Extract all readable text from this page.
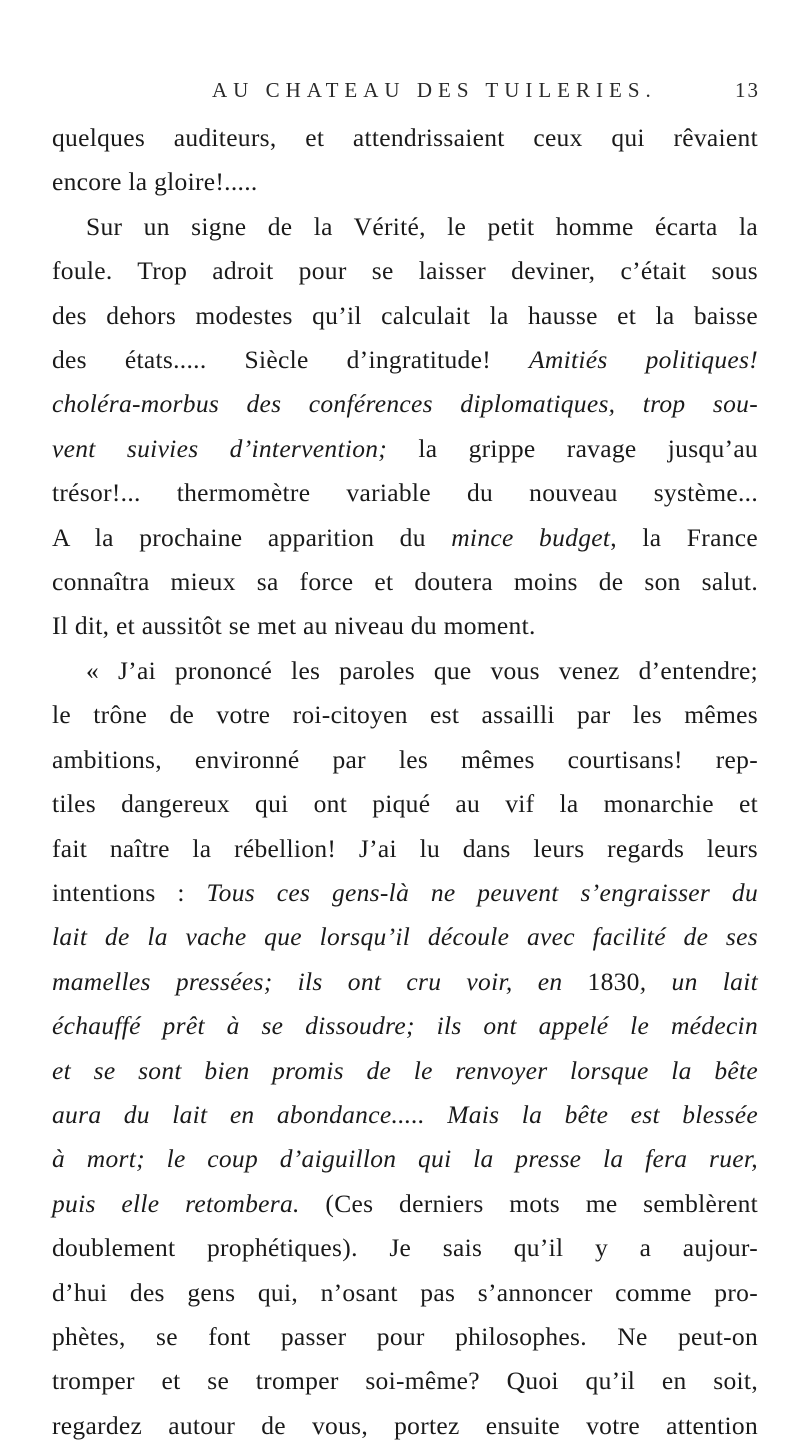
AU CHATEAU DES TUILERIES.	13
quelques auditeurs, et attendrissaient ceux qui rêvaient
encore la gloire!.....
Sur un signe de la Vérité, le petit homme écarta la
foule. Trop adroit pour se laisser deviner, c’était sous
des dehors modestes qu’il calculait la hausse et la baisse
des états..... Siècle d’ingratitude! Amitiés politiques!
choléra-morbus des conférences diplomatiques, trop sou-
vent suivies d’intervention; la grippe ravage jusqu’au
trésor!... thermomètre variable du nouveau système...
A la prochaine apparition du mince budget, la France
connaîtra mieux sa force et doutera moins de son salut.
Il dit, et aussitôt se met au niveau du moment.
« J’ai prononcé les paroles que vous venez d’entendre;
le trône de votre roi-citoyen est assailli par les mêmes
ambitions, environné par les mêmes courtisans! rep-
tiles dangereux qui ont piqué au vif la monarchie et
fait naître la rébellion! J’ai lu dans leurs regards leurs
intentions : Tous ces gens-là ne peuvent s’engraisser du
lait de la vache que lorsqu’il découle avec facilité de ses
mamelles pressées; ils ont cru voir, en 1830, un lait
échauffé prêt à se dissoudre; ils ont appelé le médecin
et se sont bien promis de le renvoyer lorsque la bête
aura du lait en abondance..... Mais la bête est blessée
à mort; le coup d’aiguillon qui la presse la fera ruer,
puis elle retombera. (Ces derniers mots me semblèrent
doublement prophétiques). Je sais qu’il y a aujour-
d’hui des gens qui, n’osant pas s’annoncer comme pro-
phètes, se font passer pour philosophes. Ne peut-on
tromper et se tromper soi-même? Quoi qu’il en soit,
regardez autour de vous, portez ensuite votre attention
